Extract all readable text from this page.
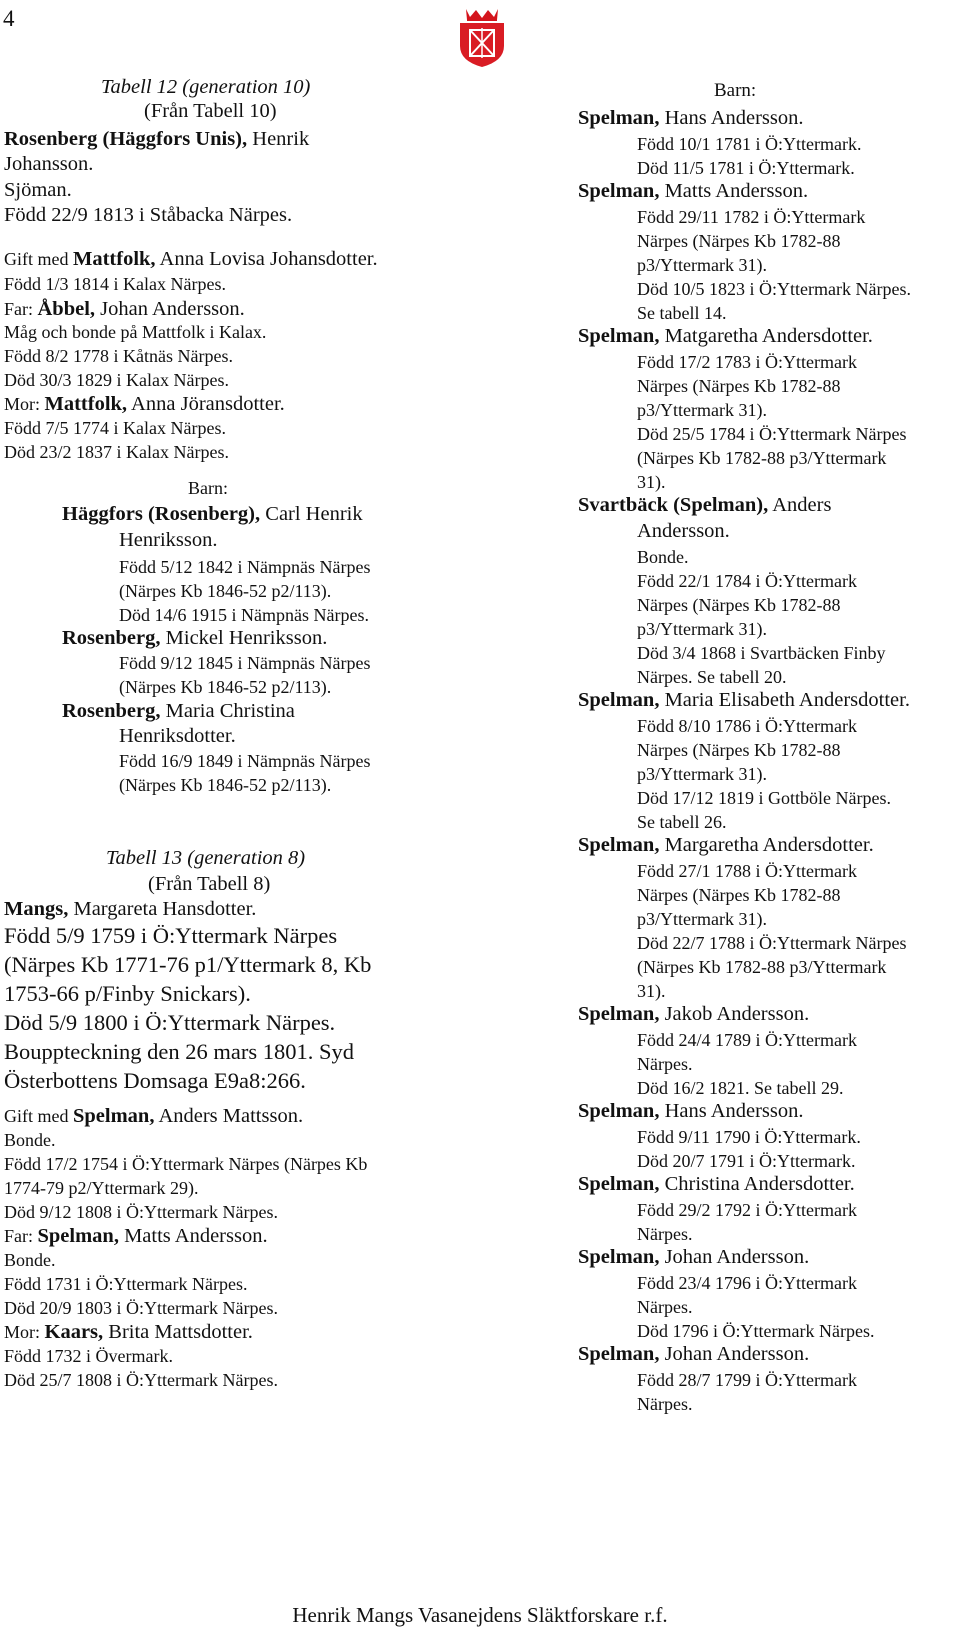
4
Tabell 12 (generation 10)
(Från Tabell 10)
Rosenberg (Häggfors Unis), Henrik
Johansson.
Sjöman.
Född 22/9 1813 i Ståbacka Närpes.
Gift med Mattfolk, Anna Lovisa Johansdotter.
Född 1/3 1814 i Kalax Närpes.
Far: Åbbel, Johan Andersson.
Måg och bonde på Mattfolk i Kalax.
Född 8/2 1778 i Kåtnäs Närpes.
Död 30/3 1829 i Kalax Närpes.
Mor: Mattfolk, Anna Jöransdotter.
Född 7/5 1774 i Kalax Närpes.
Död 23/2 1837 i Kalax Närpes.
Barn:
Häggfors (Rosenberg), Carl Henrik
Henriksson.
Född 5/12 1842 i Nämpnäs Närpes
(Närpes Kb 1846-52 p2/113).
Död 14/6 1915 i Nämpnäs Närpes.
Rosenberg, Mickel Henriksson.
Född 9/12 1845 i Nämpnäs Närpes
(Närpes Kb 1846-52 p2/113).
Rosenberg, Maria Christina
Henriksdotter.
Född 16/9 1849 i Nämpnäs Närpes
(Närpes Kb 1846-52 p2/113).
Tabell 13 (generation 8)
(Från Tabell 8)
Mangs, Margareta Hansdotter.
Född 5/9 1759 i Ö:Yttermark Närpes
(Närpes Kb 1771-76 p1/Yttermark 8, Kb
1753-66 p/Finby Snickars).
Död 5/9 1800 i Ö:Yttermark Närpes.
Bouppteckning den 26 mars 1801. Syd
Österbottens Domsaga E9a8:266.
Gift med Spelman, Anders Mattsson.
Bonde.
Född 17/2 1754 i Ö:Yttermark Närpes (Närpes Kb
1774-79 p2/Yttermark 29).
Död 9/12 1808 i Ö:Yttermark Närpes.
Far: Spelman, Matts Andersson.
Bonde.
Född 1731 i Ö:Yttermark Närpes.
Död 20/9 1803 i Ö:Yttermark Närpes.
Mor: Kaars, Brita Mattsdotter.
Född 1732 i Övermark.
Död 25/7 1808 i Ö:Yttermark Närpes.
Barn:
Spelman, Hans Andersson.
Född 10/1 1781 i Ö:Yttermark.
Död 11/5 1781 i Ö:Yttermark.
Spelman, Matts Andersson.
Född 29/11 1782 i Ö:Yttermark
Närpes (Närpes Kb 1782-88
p3/Yttermark 31).
Död 10/5 1823 i Ö:Yttermark Närpes.
Se tabell 14.
Spelman, Matgaretha Andersdotter.
Född 17/2 1783 i Ö:Yttermark
Närpes (Närpes Kb 1782-88
p3/Yttermark 31).
Död 25/5 1784 i Ö:Yttermark Närpes
(Närpes Kb 1782-88 p3/Yttermark
31).
Svartbäck (Spelman), Anders
Andersson.
Bonde.
Född 22/1 1784 i Ö:Yttermark
Närpes (Närpes Kb 1782-88
p3/Yttermark 31).
Död 3/4 1868 i Svartbäcken Finby
Närpes. Se tabell 20.
Spelman, Maria Elisabeth Andersdotter.
Född 8/10 1786 i Ö:Yttermark
Närpes (Närpes Kb 1782-88
p3/Yttermark 31).
Död 17/12 1819 i Gottböle Närpes.
Se tabell 26.
Spelman, Margaretha Andersdotter.
Född 27/1 1788 i Ö:Yttermark
Närpes (Närpes Kb 1782-88
p3/Yttermark 31).
Död 22/7 1788 i Ö:Yttermark Närpes
(Närpes Kb 1782-88 p3/Yttermark
31).
Spelman, Jakob Andersson.
Född 24/4 1789 i Ö:Yttermark
Närpes.
Död 16/2 1821. Se tabell 29.
Spelman, Hans Andersson.
Född 9/11 1790 i Ö:Yttermark.
Död 20/7 1791 i Ö:Yttermark.
Spelman, Christina Andersdotter.
Född 29/2 1792 i Ö:Yttermark
Närpes.
Spelman, Johan Andersson.
Född 23/4 1796 i Ö:Yttermark
Närpes.
Död 1796 i Ö:Yttermark Närpes.
Spelman, Johan Andersson.
Född 28/7 1799 i Ö:Yttermark
Närpes.
Henrik Mangs Vasanejdens Släktforskare r.f.
